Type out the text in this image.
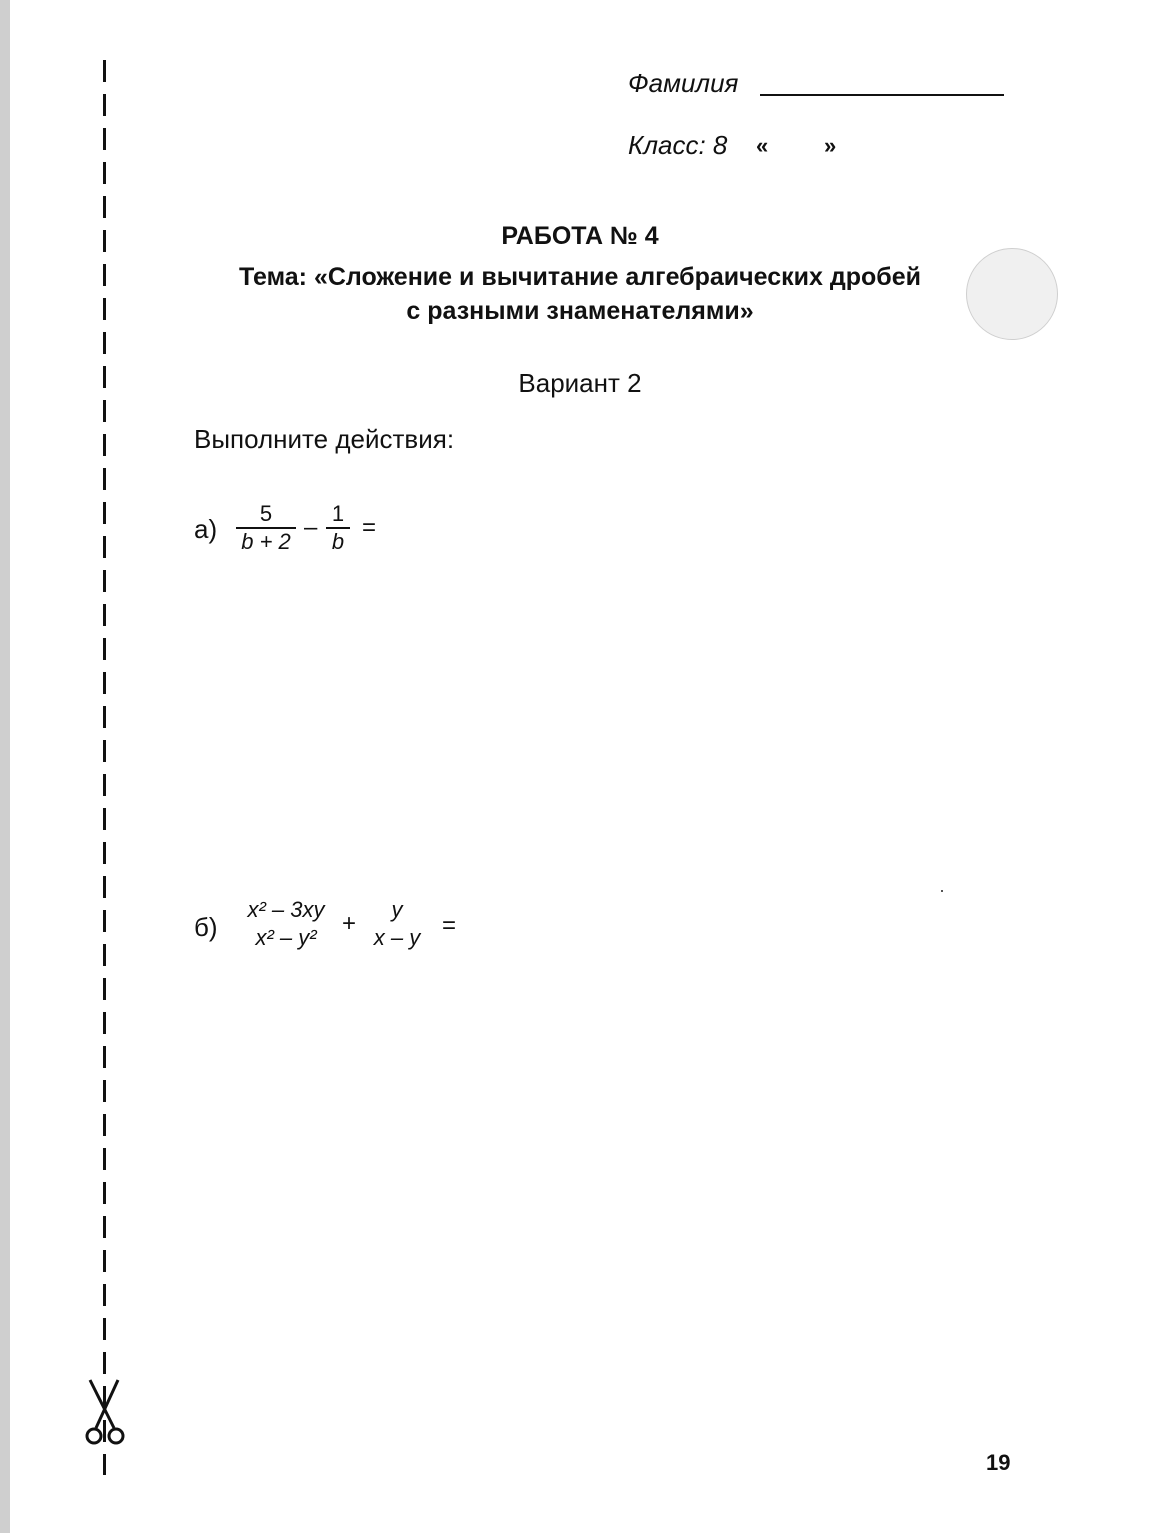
Фамилия
Класс: 8 «	»
РАБОТА № 4
Тема: «Сложение и вычитание алгебраических дробей
с разными знаменателями»
Вариант 2
Выполните действия:
а)
5
b + 2
–
1
b
=
б)
x² – 3xy
x² – y²
+
y
x – y =
19
